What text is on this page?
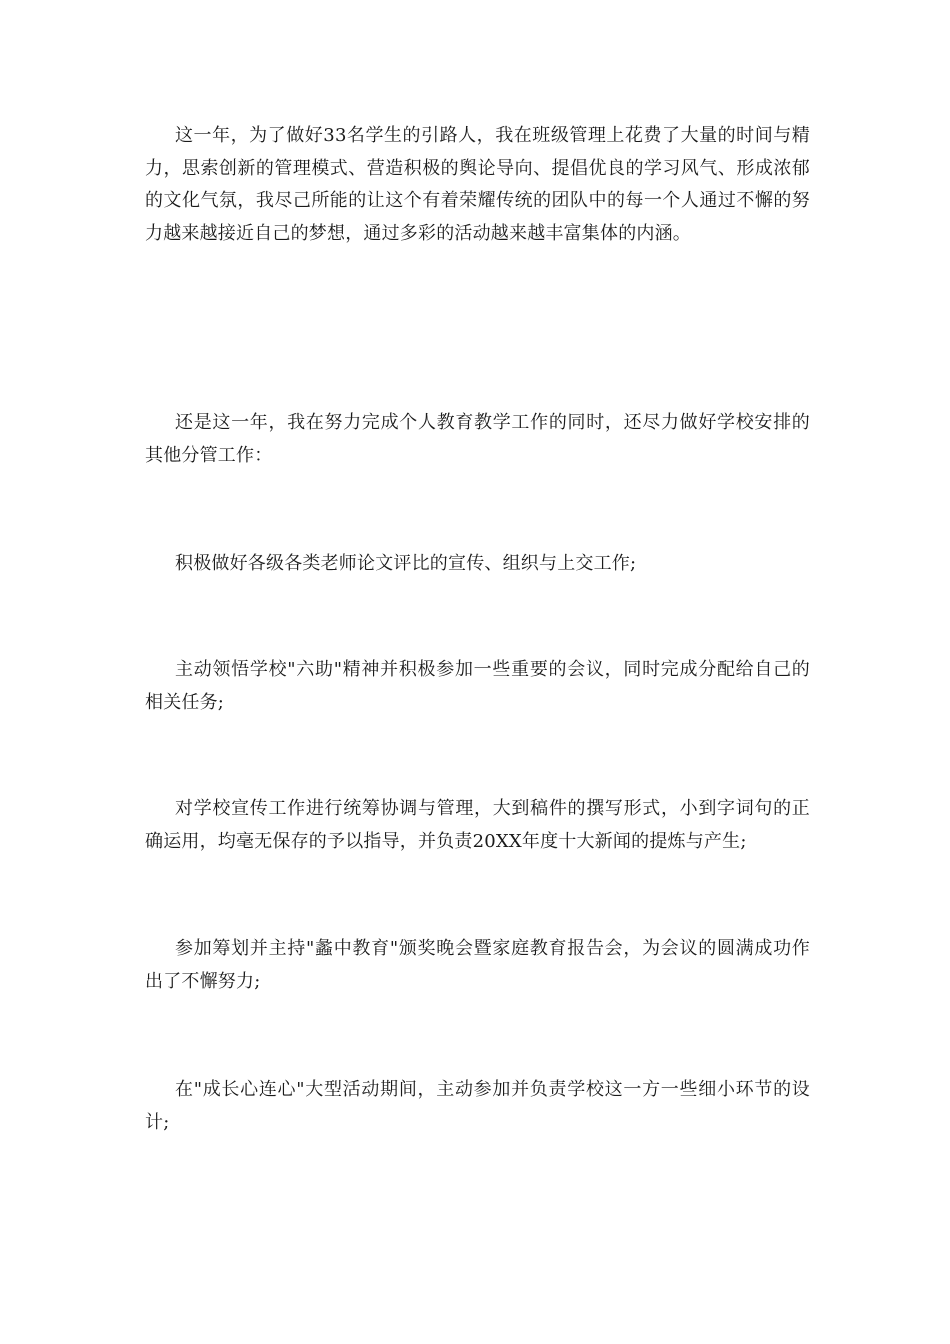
这一年，为了做好33名学生的引路人，我在班级管理上花费了大量的时间与精力，思索创新的管理模式、营造积极的舆论导向、提倡优良的学习风气、形成浓郁的文化气氛，我尽己所能的让这个有着荣耀传统的团队中的每一个人通过不懈的努力越来越接近自己的梦想，通过多彩的活动越来越丰富集体的内涵。

还是这一年，我在努力完成个人教育教学工作的同时，还尽力做好学校安排的其他分管工作：

积极做好各级各类老师论文评比的宣传、组织与上交工作;

主动领悟学校"六助"精神并积极参加一些重要的会议，同时完成分配给自己的相关任务;

对学校宣传工作进行统筹协调与管理，大到稿件的撰写形式，小到字词句的正确运用，均毫无保存的予以指导，并负责20XX年度十大新闻的提炼与产生;

参加筹划并主持"蠡中教育"颁奖晚会暨家庭教育报告会，为会议的圆满成功作出了不懈努力;

在"成长心连心"大型活动期间，主动参加并负责学校这一方一些细小环节的设计;
